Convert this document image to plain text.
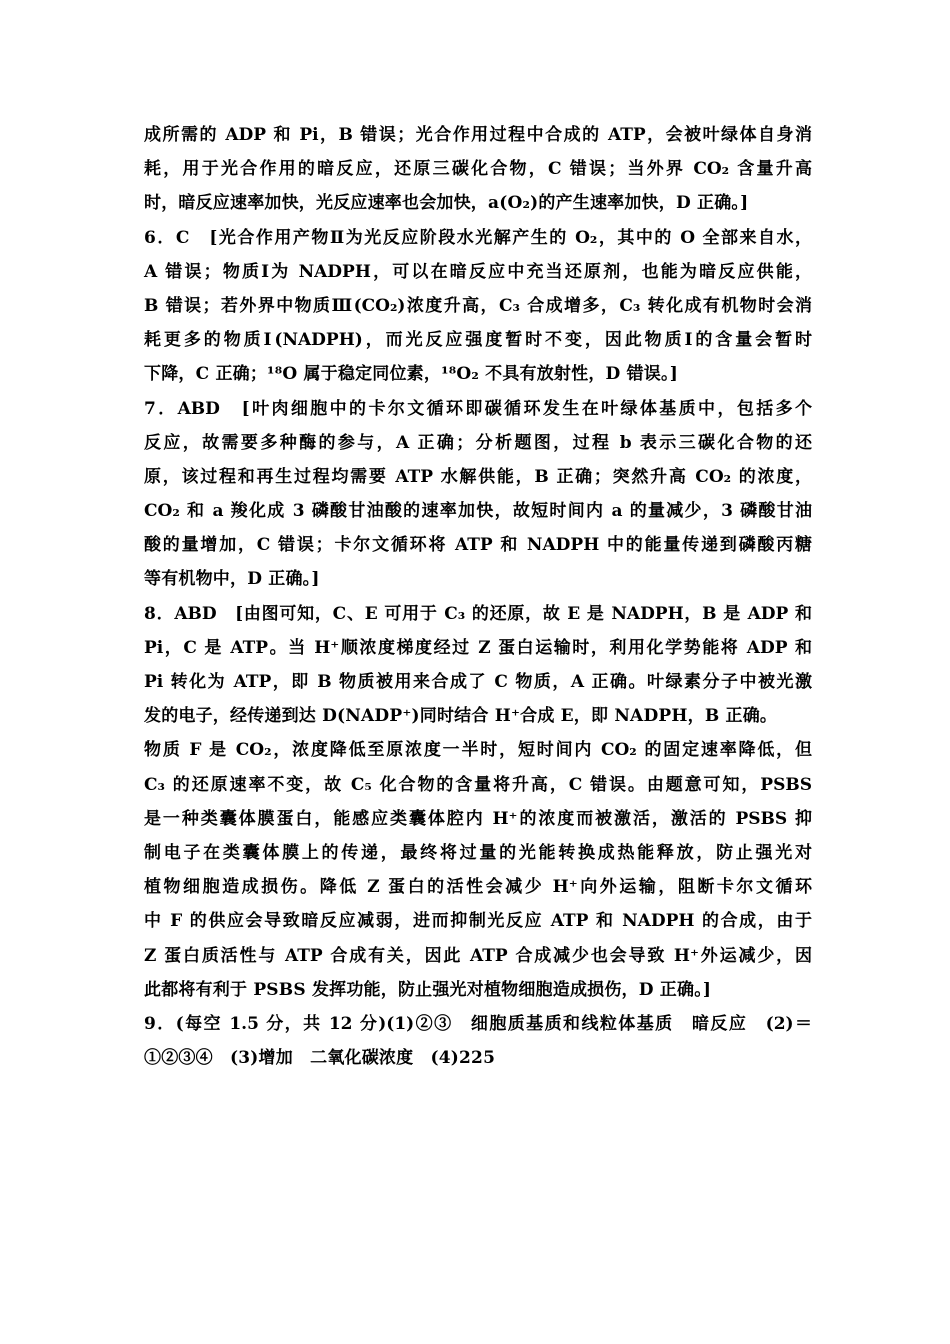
成所需的 ADP 和 Pi，B 错误；光合作用过程中合成的 ATP，会被叶绿体自身消
耗，用于光合作用的暗反应，还原三碳化合物，C 错误；当外界 CO₂ 含量升高
时，暗反应速率加快，光反应速率也会加快，a(O₂)的产生速率加快，D 正确。]
6．C　[光合作用产物Ⅱ为光反应阶段水光解产生的 O₂，其中的 O 全部来自水，
A 错误；物质Ⅰ为 NADPH，可以在暗反应中充当还原剂，也能为暗反应供能，
B 错误；若外界中物质Ⅲ(CO₂)浓度升高，C₃ 合成增多，C₃ 转化成有机物时会消
耗更多的物质Ⅰ(NADPH)，而光反应强度暂时不变，因此物质Ⅰ的含量会暂时
下降，C 正确；¹⁸O 属于稳定同位素，¹⁸O₂ 不具有放射性，D 错误。]
7．ABD　[叶肉细胞中的卡尔文循环即碳循环发生在叶绿体基质中，包括多个
反应，故需要多种酶的参与，A 正确；分析题图，过程 b 表示三碳化合物的还
原，该过程和再生过程均需要 ATP 水解供能，B 正确；突然升高 CO₂ 的浓度，
CO₂ 和 a 羧化成 3 磷酸甘油酸的速率加快，故短时间内 a 的量减少，3 磷酸甘油
酸的量增加，C 错误；卡尔文循环将 ATP 和 NADPH 中的能量传递到磷酸丙糖
等有机物中，D 正确。]
8．ABD　[由图可知，C、E 可用于 C₃ 的还原，故 E 是 NADPH，B 是 ADP 和
Pi，C 是 ATP。当 H⁺顺浓度梯度经过 Z 蛋白运输时，利用化学势能将 ADP 和
Pi 转化为 ATP，即 B 物质被用来合成了 C 物质，A 正确。叶绿素分子中被光激
发的电子，经传递到达 D(NADP⁺)同时结合 H⁺合成 E，即 NADPH，B 正确。
物质 F 是 CO₂，浓度降低至原浓度一半时，短时间内 CO₂ 的固定速率降低，但
C₃ 的还原速率不变，故 C₅ 化合物的含量将升高，C 错误。由题意可知，PSBS
是一种类囊体膜蛋白，能感应类囊体腔内 H⁺的浓度而被激活，激活的 PSBS 抑
制电子在类囊体膜上的传递，最终将过量的光能转换成热能释放，防止强光对
植物细胞造成损伤。降低 Z 蛋白的活性会减少 H⁺向外运输，阻断卡尔文循环
中 F 的供应会导致暗反应减弱，进而抑制光反应 ATP 和 NADPH 的合成，由于
Z 蛋白质活性与 ATP 合成有关，因此 ATP 合成减少也会导致 H⁺外运减少，因
此都将有利于 PSBS 发挥功能，防止强光对植物细胞造成损伤，D 正确。]
9．(每空 1.5 分，共 12 分)(1)②③　细胞质基质和线粒体基质　暗反应　(2)＝
①②③④　(3)增加　二氧化碳浓度　(4)225
